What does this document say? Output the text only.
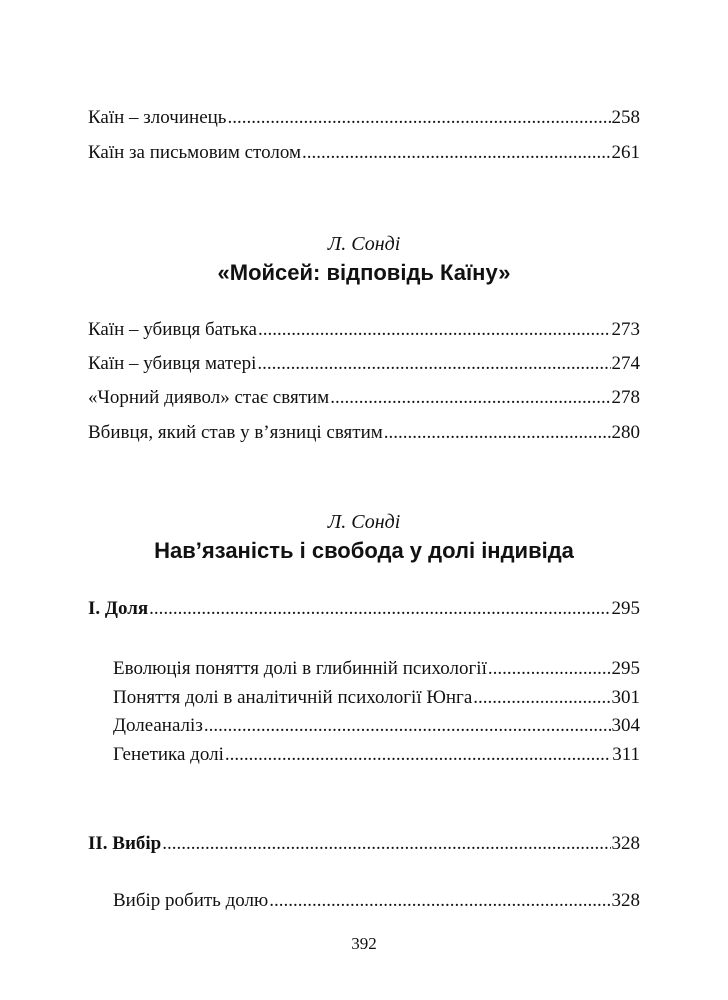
Каїн – злочинець .....	258
Каїн за письмовим столом .....	261
Л. Сонді
«Мойсей: відповідь Каїну»
Каїн – убивця батька .....	273
Каїн – убивця матері .....	274
«Чорний диявол» стає святим .....	278
Вбивця, який став у в’язниці святим .....	280
Л. Сонді
Нав’язаність і свобода у долі індивіда
I. Доля .....	295
Еволюція поняття долі в глибинній психології .....	295
Поняття долі в аналітичній психології Юнга .....	301
Долеаналіз .....	304
Генетика долі .....	311
II. Вибір .....	328
Вибір робить долю .....	328
392
